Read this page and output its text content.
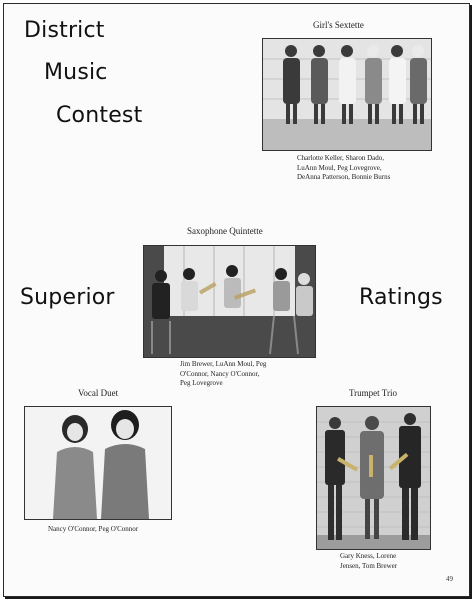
District
Music
Contest
Superior	Ratings
Girl's Sextette
Charlotte Keller, Sharon Dado,
LuAnn Moul, Peg Lovegrove,
DeAnna Patterson, Bonnie Burns
Saxophone Quintette
Jim Brewer, LuAnn Moul, Peg
O'Connor, Nancy O'Connor,
Peg Lovegrove
Vocal Duet
Nancy O'Connor, Peg O'Connor
Trumpet Trio
Gary Kness, Lorene
Jensen, Tom Brewer
49
